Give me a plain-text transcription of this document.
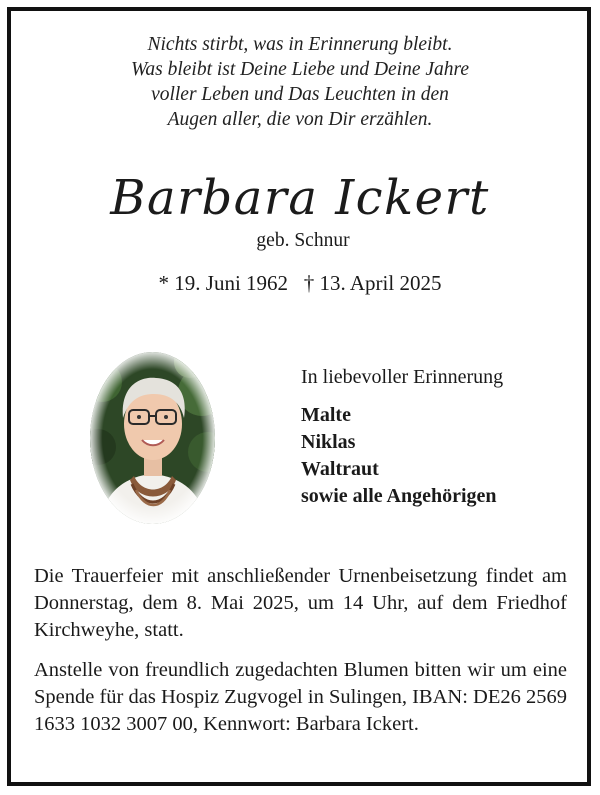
Nichts stirbt, was in Erinnerung bleibt.
Was bleibt ist Deine Liebe und Deine Jahre
voller Leben und Das Leuchten in den
Augen aller, die von Dir erzählen.
Barbara Ickert
geb. Schnur
* 19. Juni 1962   † 13. April 2025
In liebevoller Erinnerung
Malte
Niklas
Waltraut
sowie alle Angehörigen
Die Trauerfeier mit anschließender Urnenbeisetzung findet am Donnerstag, dem 8. Mai 2025, um 14 Uhr, auf dem Friedhof Kirchweyhe, statt.
Anstelle von freundlich zugedachten Blumen bitten wir um eine Spende für das Hospiz Zugvogel in Sulingen, IBAN: DE26 2569 1633 1032 3007 00, Kennwort: Barbara Ickert.
